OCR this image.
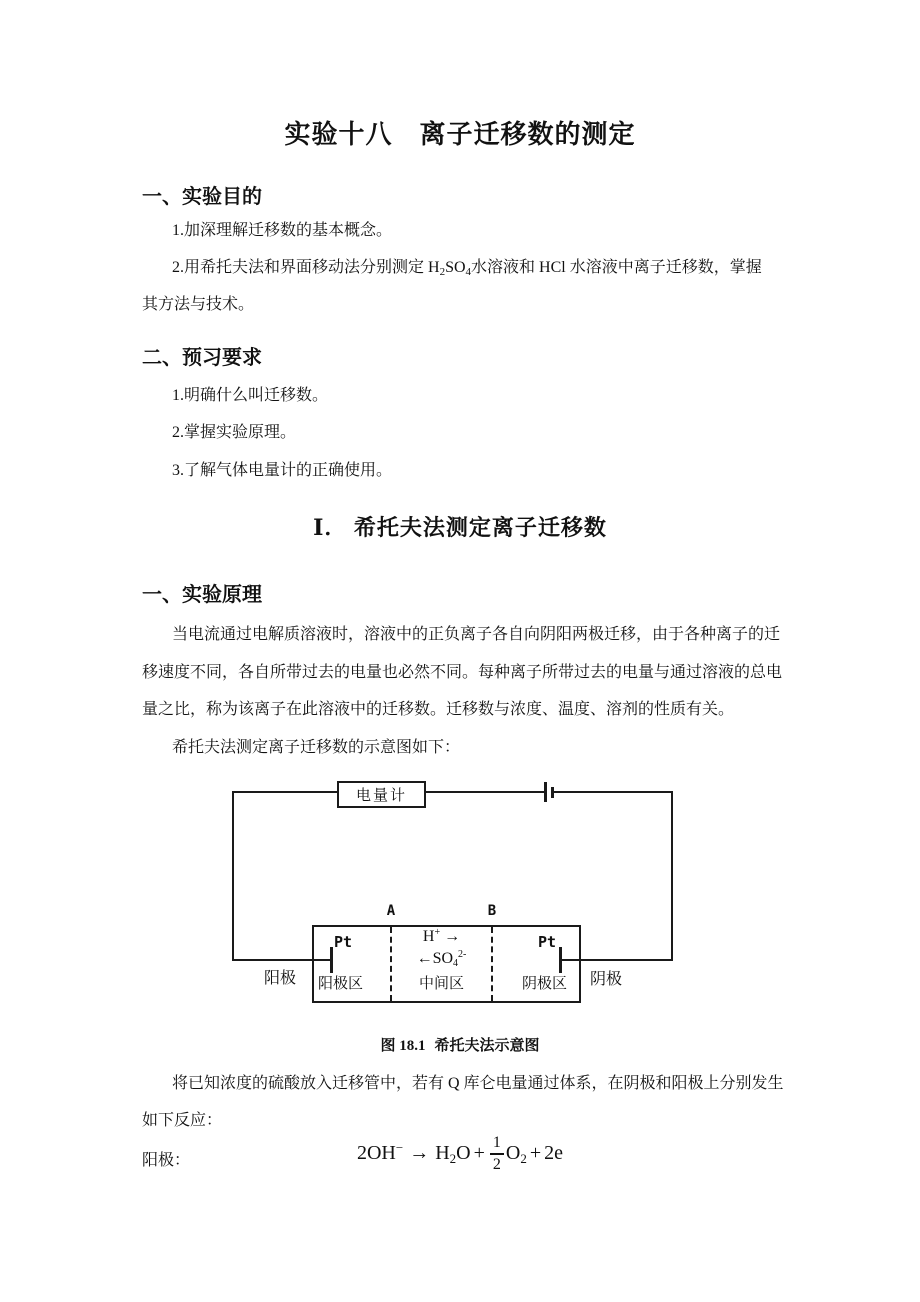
实验十八　离子迁移数的测定
一、实验目的
1.加深理解迁移数的基本概念。
2.用希托夫法和界面移动法分别测定 H2SO4水溶液和 HCl 水溶液中离子迁移数，掌握
其方法与技术。
二、预习要求
1.明确什么叫迁移数。
2.掌握实验原理。
3.了解气体电量计的正确使用。
Ⅰ． 希托夫法测定离子迁移数
一、实验原理
当电流通过电解质溶液时，溶液中的正负离子各自向阴阳两极迁移，由于各种离子的迁
移速度不同，各自所带过去的电量也必然不同。每种离子所带过去的电量与通过溶液的总电
量之比，称为该离子在此溶液中的迁移数。迁移数与浓度、温度、溶剂的性质有关。
希托夫法测定离子迁移数的示意图如下：
电量计
A	B
Pt	Pt
H+ →
$\leftarrow SO4^{2-}$
阳极 阳极区	中间区	阴极区 阴极
图 18.1 希托夫法示意图
将已知浓度的硫酸放入迁移管中，若有 Q 库仑电量通过体系，在阴极和阳极上分别发生
如下反应：
阳极：	$2OH^- \to H_2O + \frac{1}{2} O_2 + 2e$
